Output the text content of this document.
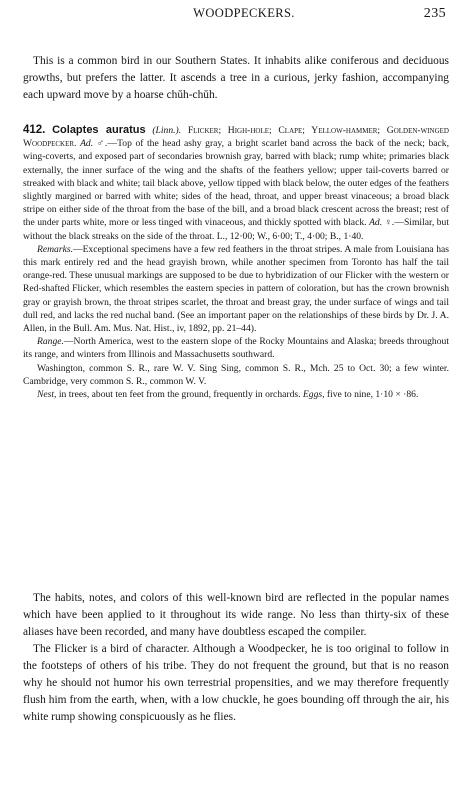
WOODPECKERS.	235

This is a common bird in our Southern States. It inhabits alike coniferous and deciduous growths, but prefers the latter. It ascends a tree in a curious, jerky fashion, accompanying each upward move by a hoarse chŭh-chŭh.

412. Colaptes auratus (Linn.). Flicker; High-hole; Clape; Yellow-hammer; Golden-winged Woodpecker. Ad. ♂.—Top of the head ashy gray, a bright scarlet band across the back of the neck; back, wing-coverts, and exposed part of secondaries brownish gray, barred with black; rump white; primaries black externally, the inner surface of the wing and the shafts of the feathers yellow; upper tail-coverts barred or streaked with black and white; tail black above, yellow tipped with black below, the outer edges of the feathers slightly margined or barred with white; sides of the head, throat, and upper breast vinaceous; a broad black stripe on either side of the throat from the base of the bill, and a broad black crescent across the breast; rest of the under parts white, more or less tinged with vinaceous, and thickly spotted with black. Ad. ♀.—Similar, but without the black streaks on the side of the throat. L., 12·00; W., 6·00; T., 4·00; B., 1·40.

Remarks.—Exceptional specimens have a few red feathers in the throat stripes. A male from Louisiana has this mark entirely red and the head grayish brown, while another specimen from Toronto has half the tail orange-red. These unusual markings are supposed to be due to hybridization of our Flicker with the western or Red-shafted Flicker, which resembles the eastern species in pattern of coloration, but has the crown brownish gray or grayish brown, the throat stripes scarlet, the throat and breast gray, the under surface of wings and tail dull red, and lacks the red nuchal band. (See an important paper on the relationships of these birds by Dr. J. A. Allen, in the Bull. Am. Mus. Nat. Hist., iv, 1892, pp. 21–44).

Range.—North America, west to the eastern slope of the Rocky Mountains and Alaska; breeds throughout its range, and winters from Illinois and Massachusetts southward.

Washington, common S. R., rare W. V. Sing Sing, common S. R., Mch. 25 to Oct. 30; a few winter. Cambridge, very common S. R., common W. V.

Nest, in trees, about ten feet from the ground, frequently in orchards. Eggs, five to nine, 1·10 × ·86.

The habits, notes, and colors of this well-known bird are reflected in the popular names which have been applied to it throughout its wide range. No less than thirty-six of these aliases have been recorded, and many have doubtless escaped the compiler.

The Flicker is a bird of character. Although a Woodpecker, he is too original to follow in the footsteps of others of his tribe. They do not frequent the ground, but that is no reason why he should not humor his own terrestrial propensities, and we may therefore frequently flush him from the earth, when, with a low chuckle, he goes bounding off through the air, his white rump showing conspicuously as he flies.
